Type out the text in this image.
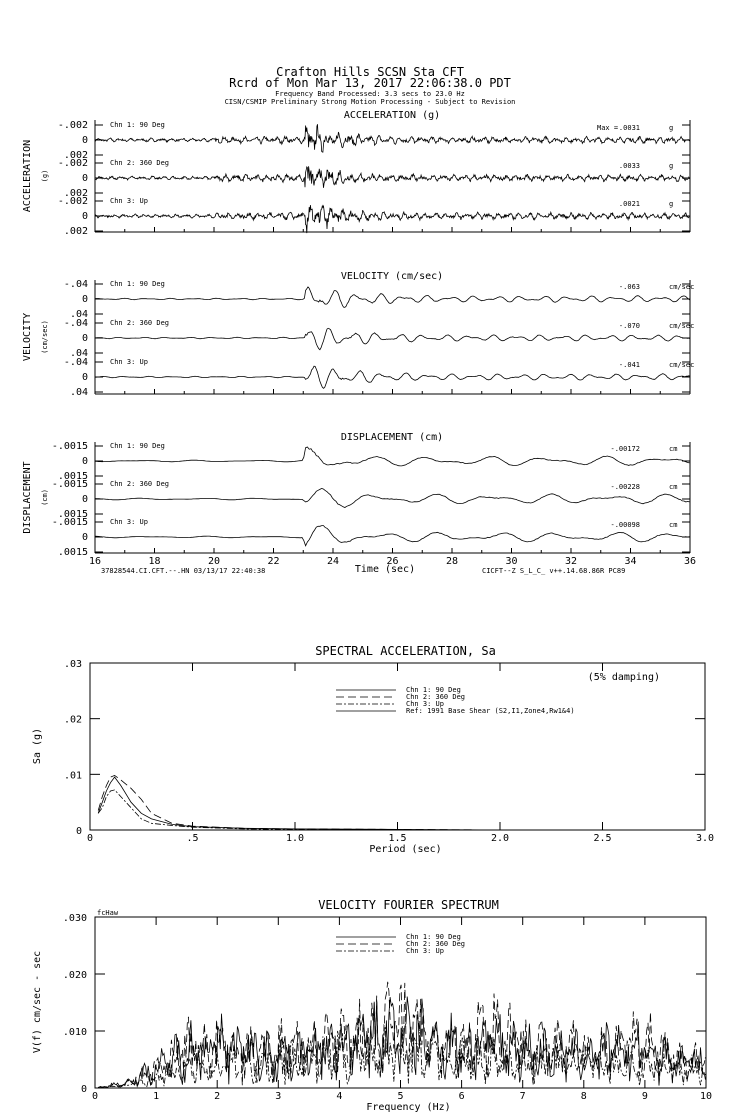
Crafton Hills SCSN Sta CFT
Rcrd of Mon Mar 13, 2017 22:06:38.0 PDT
Frequency Band Processed: 3.3 secs to 23.0 Hz
CISN/CSMIP Preliminary Strong Motion Processing - Subject to Revision
ACCELERATION (g)
ACCELERATION (g)
.002
0
-.002	Chn 1: 90 Deg	Max = .0031	g
.002
0
-.002	Chn 2: 360 Deg	.0033	g
.002
0
-.002	Chn 3: Up	.0021	g
VELOCITY (cm/sec)
VELOCITY (cm/sec)
.04
0
-.04	Chn 1: 90 Deg	-.063	cm/sec
.04
0
-.04	Chn 2: 360 Deg	-.070	cm/sec
.04
0
-.04	Chn 3: Up	-.041	cm/sec
DISPLACEMENT (cm)
DISPLACEMENT (cm)
.0015
0
-.0015	Chn 1: 90 Deg	-.00172	cm
.0015
0
-.0015	Chn 2: 360 Deg	-.00228	cm
.0015
0
-.0015	Chn 3: Up	-.00098	cm
16	18	20	22	24	26	28	30	32	34	36
Time (sec)
37828544.CI.CFT.--.HN 03/13/17 22:40:38	CICFT--Z S_L_C_ v++.14.68.86R PC89
SPECTRAL ACCELERATION, Sa
0	.5	1.0	1.5	2.0	2.5	3.0
0
.01
.02
.03
Period (sec)
Sa (g)
Chn 1: 90 Deg
Chn 2: 360 Deg
Chn 3: Up
Ref: 1991 Base Shear (S2,I1,Zone4,Rw1&4)
(5% damping)
VELOCITY FOURIER SPECTRUM
0	1	2	3	4	5	6	7	8	9	10
0
.010
.020
.030
Frequency (Hz)
V(f) cm/sec - sec
Chn 1: 90 Deg
Chn 2: 360 Deg
Chn 3: Up
fcHaw
